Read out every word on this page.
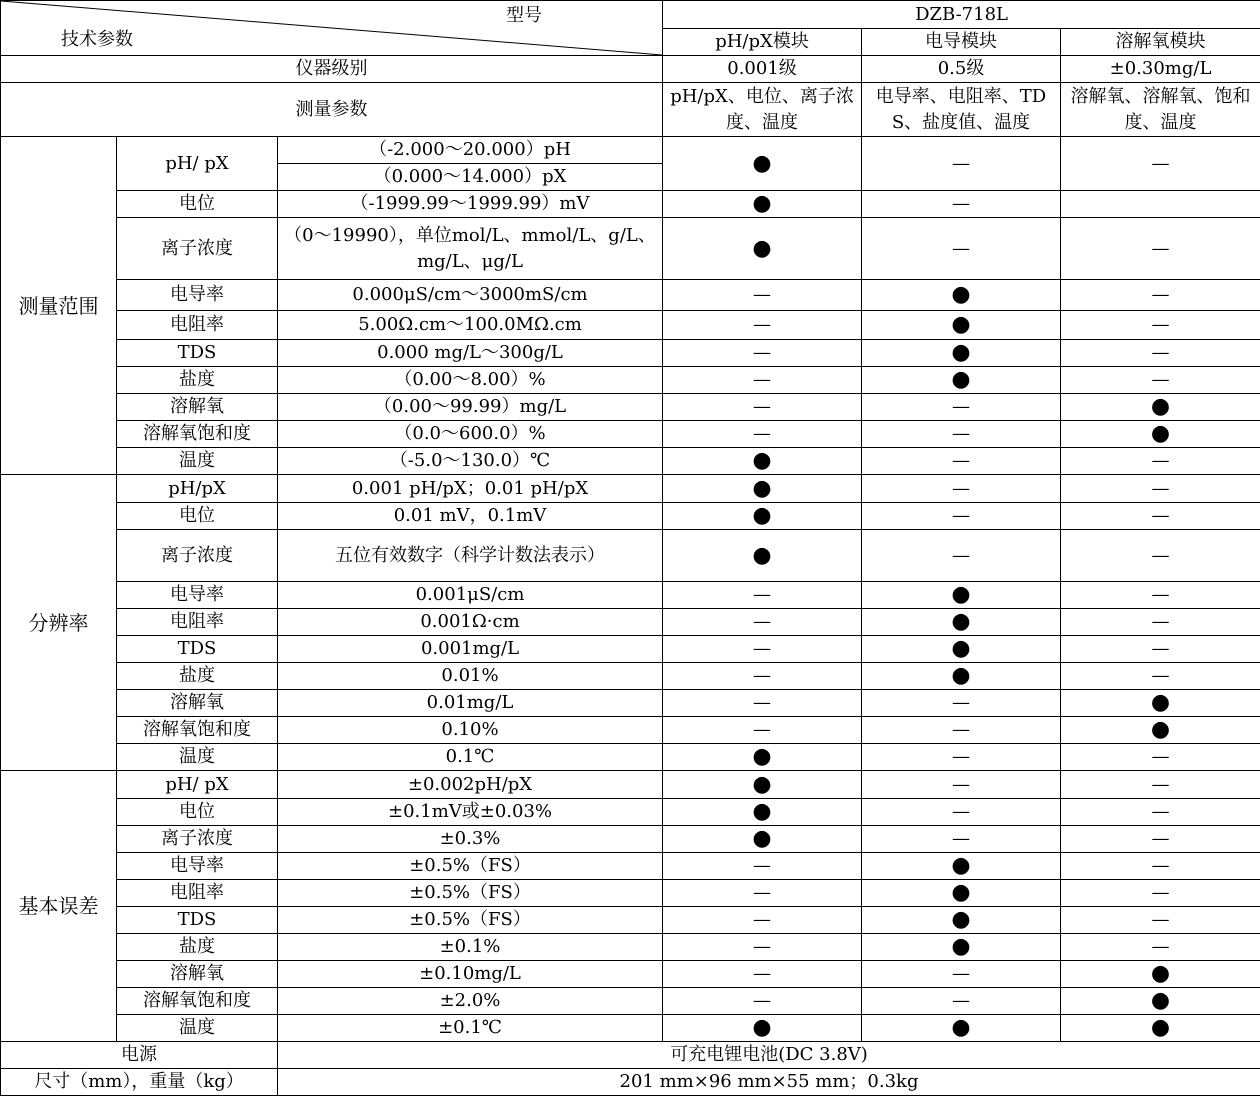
型号
技术参数			DZB-718L		
			pH/pX模块	电导模块	溶解氧模块
仪器级别			0.001级	0.5级	±0.30mg/L
测量参数			pH/pX、电位、离子浓度、温度	电导率、电阻率、TDS、盐度值、温度	溶解氧、溶解氧、饱和度、温度
测量范围	pH/ pX	（-2.000～20.000）pH	●	—	—
		（0.000～14.000）pX			
	电位	（-1999.99～1999.99）mV	●	—	
	离子浓度	（0～19990），单位mol/L、mmol/L、g/L、mg/L、μg/L	●	—	—
	电导率	0.000μS/cm～3000mS/cm	—	●	—
	电阻率	5.00Ω.cm～100.0MΩ.cm	—	●	—
	TDS	0.000 mg/L～300g/L	—	●	—
	盐度	（0.00～8.00）%	—	●	—
	溶解氧	（0.00～99.99）mg/L	—	—	●
	溶解氧饱和度	（0.0～600.0）%	—	—	●
	温度	（-5.0～130.0）℃	●	—	—
分辨率	pH/pX	0.001 pH/pX；0.01 pH/pX	●	—	—
	电位	0.01 mV，0.1mV	●	—	—
	离子浓度	五位有效数字（科学计数法表示）	●	—	—
	电导率	0.001μS/cm	—	●	—
	电阻率	0.001Ω·cm	—	●	—
	TDS	0.001mg/L	—	●	—
	盐度	0.01%	—	●	—
	溶解氧	0.01mg/L	—	—	●
	溶解氧饱和度	0.10%	—	—	●
	温度	0.1℃	●	—	—
基本误差	pH/ pX	±0.002pH/pX	●	—	—
	电位	±0.1mV或±0.03%	●	—	—
	离子浓度	±0.3%	●	—	—
	电导率	±0.5%（FS）	—	●	—
	电阻率	±0.5%（FS）	—	●	—
	TDS	±0.5%（FS）	—	●	—
	盐度	±0.1%	—	●	—
	溶解氧	±0.10mg/L	—	—	●
	溶解氧饱和度	±2.0%	—	—	●
	温度	±0.1℃	●	●	●
电源		可充电锂电池(DC 3.8V)			
尺寸（mm），重量（kg）		201 mm×96 mm×55 mm；0.3kg			
